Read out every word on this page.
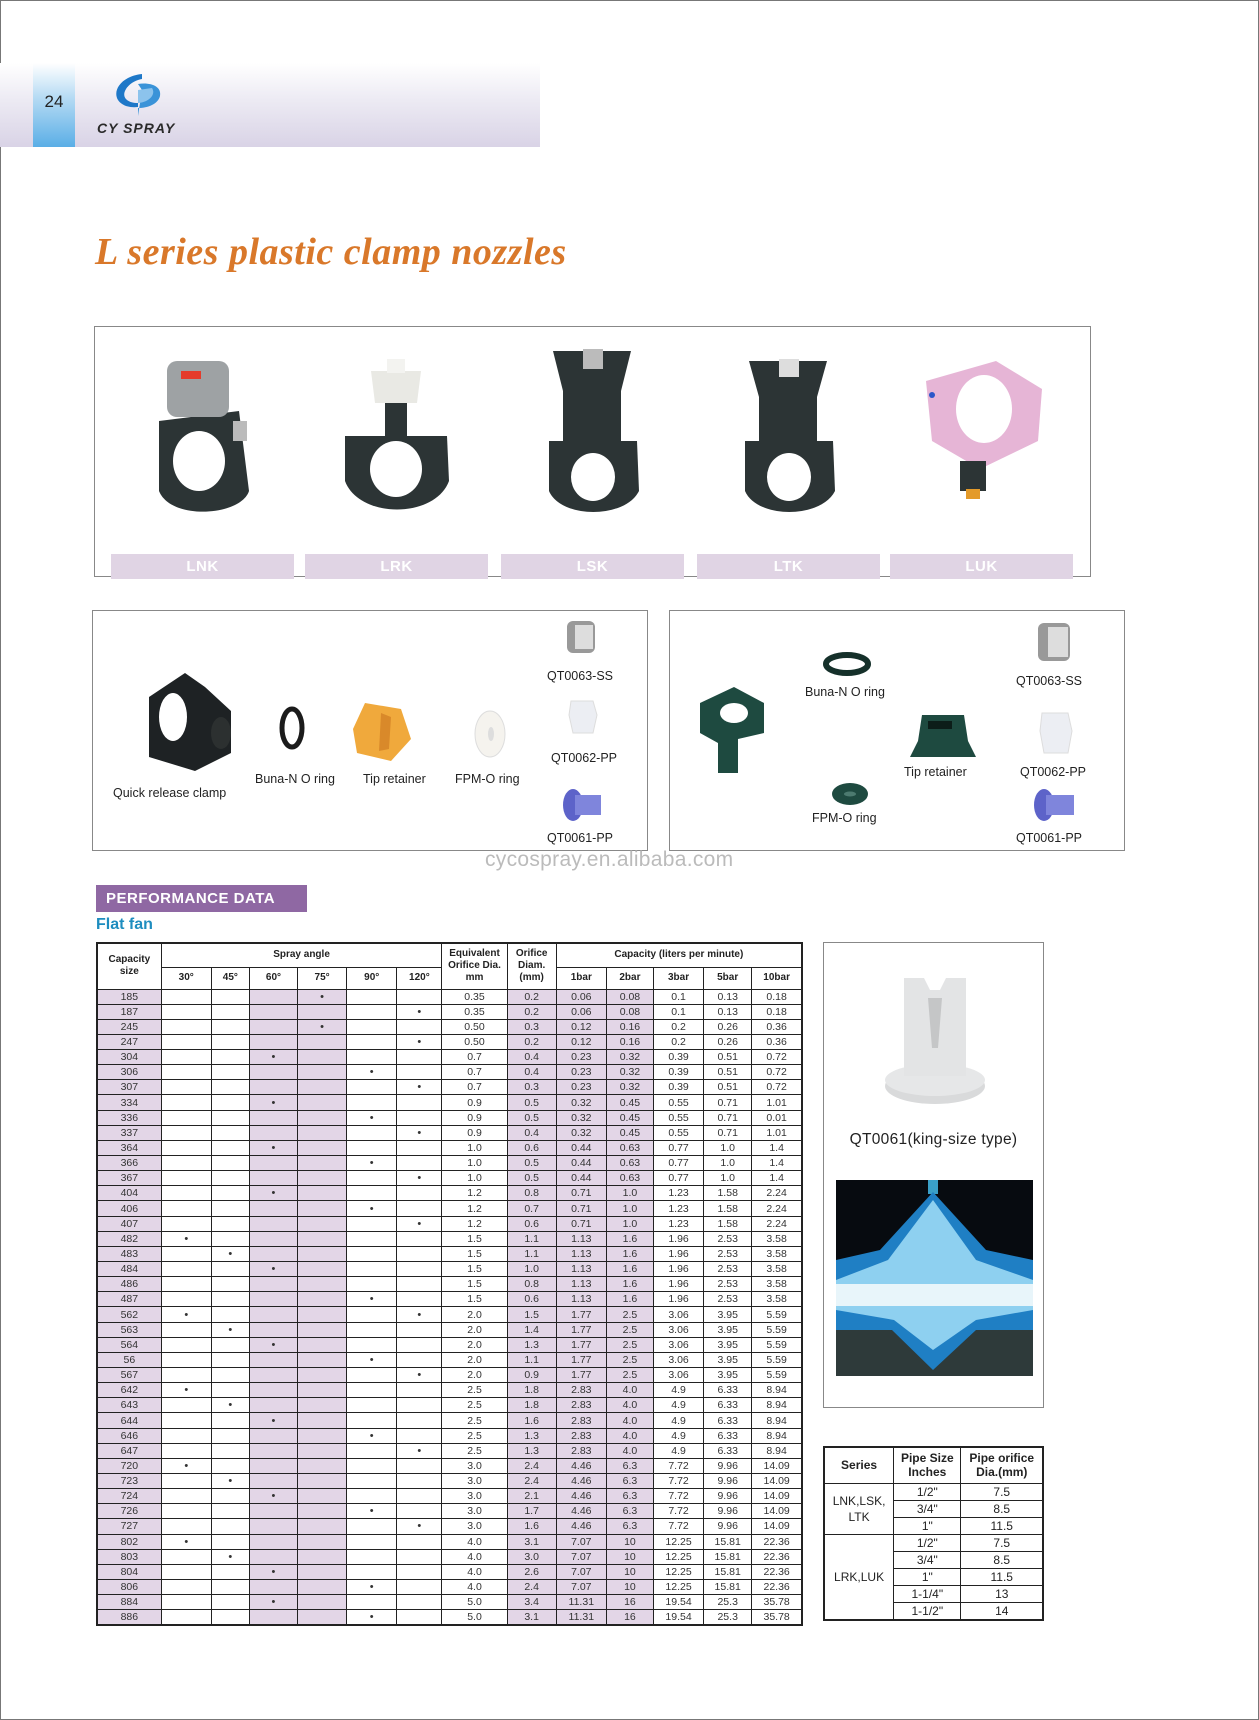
24
CY SPRAY
L series plastic clamp nozzles
LNK	LRK	LSK	LTK	LUK
Quick release clamp
Buna-N O ring Tip retainer FPM-O ring
QT0063-SS
QT0062-PP
QT0061-PP
Buna-N O ring
FPM-O ring
Tip retainer
QT0063-SS
QT0062-PP
QT0061-PP
cycospray.en.alibaba.com
PERFORMANCE DATA
Flat fan
Capacity size	Spray angle						Equivalent Orifice Dia. mm	Orifice Diam. (mm)	Capacity (liters per minute)				
	30°	45°	60°	75°	90°	120°			1bar	2bar	3bar	5bar	10bar
185				•			0.35	0.2	0.06	0.08	0.1	0.13	0.18
187						•	0.35	0.2	0.06	0.08	0.1	0.13	0.18
245				•			0.50	0.3	0.12	0.16	0.2	0.26	0.36
247						•	0.50	0.2	0.12	0.16	0.2	0.26	0.36
304			•				0.7	0.4	0.23	0.32	0.39	0.51	0.72
306					•		0.7	0.4	0.23	0.32	0.39	0.51	0.72
307						•	0.7	0.3	0.23	0.32	0.39	0.51	0.72
334			•				0.9	0.5	0.32	0.45	0.55	0.71	1.01
336					•		0.9	0.5	0.32	0.45	0.55	0.71	0.01
337						•	0.9	0.4	0.32	0.45	0.55	0.71	1.01
364			•				1.0	0.6	0.44	0.63	0.77	1.0	1.4
366					•		1.0	0.5	0.44	0.63	0.77	1.0	1.4
367						•	1.0	0.5	0.44	0.63	0.77	1.0	1.4
404			•				1.2	0.8	0.71	1.0	1.23	1.58	2.24
406					•		1.2	0.7	0.71	1.0	1.23	1.58	2.24
407						•	1.2	0.6	0.71	1.0	1.23	1.58	2.24
482	•						1.5	1.1	1.13	1.6	1.96	2.53	3.58
483		•					1.5	1.1	1.13	1.6	1.96	2.53	3.58
484			•				1.5	1.0	1.13	1.6	1.96	2.53	3.58
486							1.5	0.8	1.13	1.6	1.96	2.53	3.58
487					•		1.5	0.6	1.13	1.6	1.96	2.53	3.58
562	•					•	2.0	1.5	1.77	2.5	3.06	3.95	5.59
563		•					2.0	1.4	1.77	2.5	3.06	3.95	5.59
564			•				2.0	1.3	1.77	2.5	3.06	3.95	5.59
56					•		2.0	1.1	1.77	2.5	3.06	3.95	5.59
567						•	2.0	0.9	1.77	2.5	3.06	3.95	5.59
642	•						2.5	1.8	2.83	4.0	4.9	6.33	8.94
643		•					2.5	1.8	2.83	4.0	4.9	6.33	8.94
644			•				2.5	1.6	2.83	4.0	4.9	6.33	8.94
646					•		2.5	1.3	2.83	4.0	4.9	6.33	8.94
647						•	2.5	1.3	2.83	4.0	4.9	6.33	8.94
720	•						3.0	2.4	4.46	6.3	7.72	9.96	14.09
723		•					3.0	2.4	4.46	6.3	7.72	9.96	14.09
724			•				3.0	2.1	4.46	6.3	7.72	9.96	14.09
726					•		3.0	1.7	4.46	6.3	7.72	9.96	14.09
727						•	3.0	1.6	4.46	6.3	7.72	9.96	14.09
802	•						4.0	3.1	7.07	10	12.25	15.81	22.36
803		•					4.0	3.0	7.07	10	12.25	15.81	22.36
804			•				4.0	2.6	7.07	10	12.25	15.81	22.36
806					•		4.0	2.4	7.07	10	12.25	15.81	22.36
884			•				5.0	3.4	11.31	16	19.54	25.3	35.78
886					•		5.0	3.1	11.31	16	19.54	25.3	35.78
QT0061(king-size type)
Series	Pipe Size Inches	Pipe orifice Dia.(mm)
LNK,LSK, LTK	1/2"	7.5
	3/4"	8.5
	1"	11.5
LRK,LUK	1/2"	7.5
	3/4"	8.5
	1"	11.5
	1-1/4"	13
	1-1/2"	14
